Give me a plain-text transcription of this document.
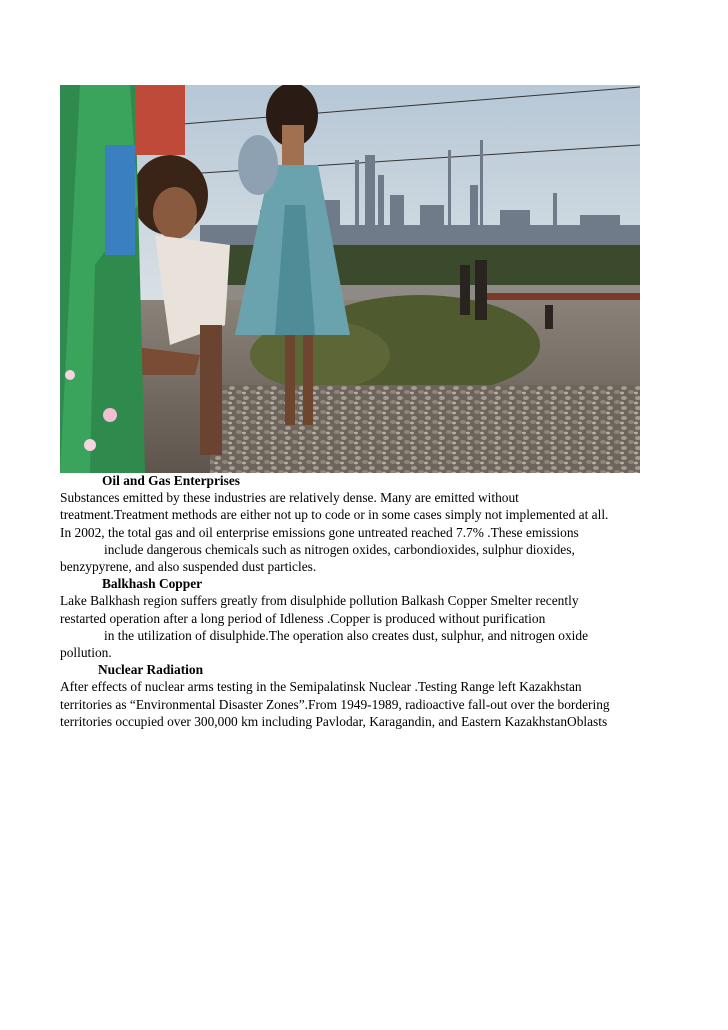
Oil and Gas Enterprises

Substances emitted by these industries are relatively dense. Many are emitted without

treatment.Treatment methods are either not up to code or in some cases simply not implemented at all.

In 2002, the total gas and oil enterprise emissions gone untreated reached 7.7% .These emissions

include dangerous chemicals such as nitrogen oxides, carbondioxides, sulphur dioxides,

benzypyrene, and also suspended dust particles.

Balkhash Copper

Lake Balkhash region suffers greatly from disulphide pollution Balkash Copper Smelter recently

restarted operation after a long period of Idleness .Copper is produced without purification

in the utilization of disulphide.The operation also creates dust, sulphur, and nitrogen oxide

pollution.

Nuclear Radiation

After effects of nuclear arms testing in the Semipalatinsk Nuclear .Testing Range left Kazakhstan

territories as “Environmental Disaster Zones”.From 1949-1989, radioactive fall-out over the bordering

territories occupied over 300,000 km including Pavlodar, Karagandin, and Eastern KazakhstanOblasts
